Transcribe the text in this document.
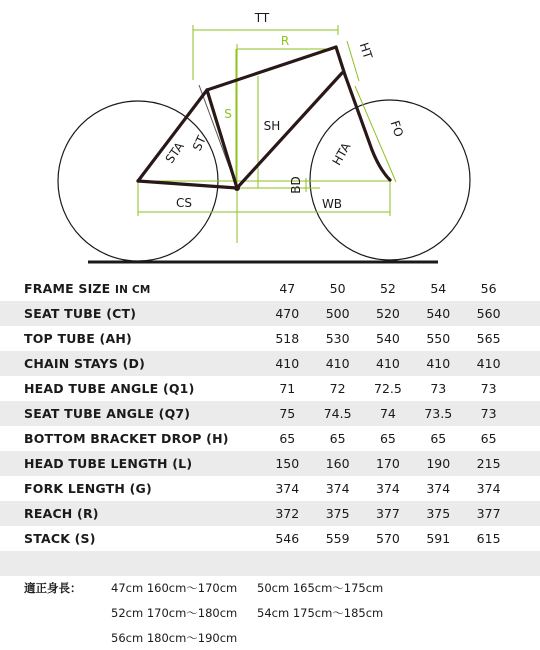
TT
R	HT
S
SH
STA ST	HTA
FO
BD
CS	WB
FRAME SIZE IN CM	47	50	52	54	56	
SEAT TUBE (CT)	470	500	520	540	560	
TOP TUBE (AH)	518	530	540	550	565	
CHAIN STAYS (D)	410	410	410	410	410	
HEAD TUBE ANGLE (Q1)	71	72	72.5	73	73	
SEAT TUBE ANGLE (Q7)	75	74.5	74	73.5	73	
BOTTOM BRACKET DROP (H)	65	65	65	65	65	
HEAD TUBE LENGTH (L)	150	160	170	190	215	
FORK LENGTH (G)	374	374	374	374	374	
REACH (R)	372	375	377	375	377	
STACK (S)	546	559	570	591	615	

適正身長：	47cm 160cm〜170cm 50cm 165cm〜175cm
52cm 170cm〜180cm 54cm 175cm〜185cm
56cm 180cm〜190cm
